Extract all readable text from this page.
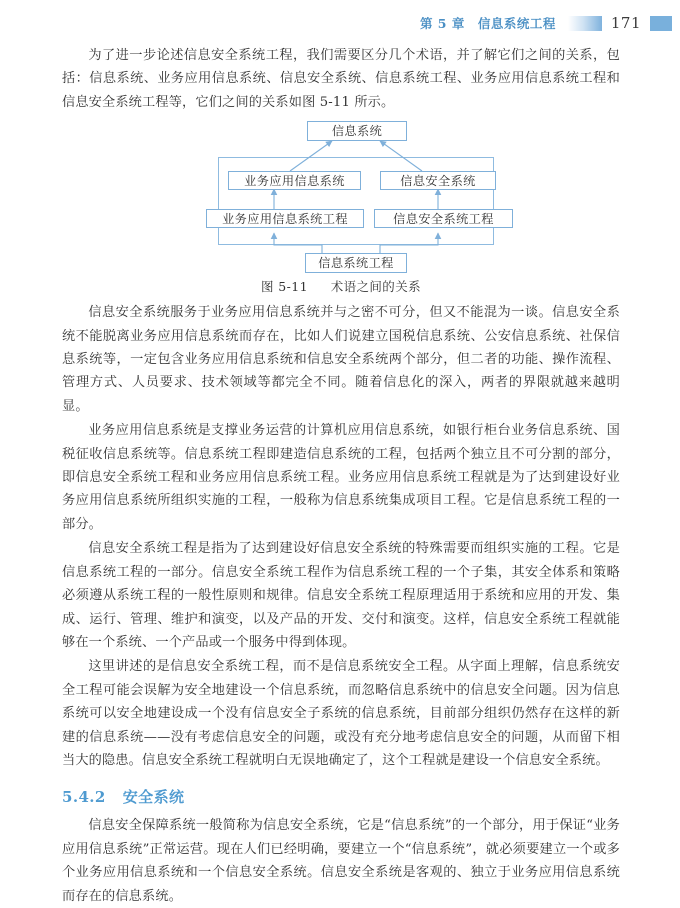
第 5 章　信息系统工程	171

为了进一步论述信息安全系统工程，我们需要区分几个术语，并了解它们之间的关系，包括：信息系统、业务应用信息系统、信息安全系统、信息系统工程、业务应用信息系统工程和信息安全系统工程等，它们之间的关系如图 5-11 所示。

信息系统
业务应用信息系统	信息安全系统
业务应用信息系统工程	信息安全系统工程
信息系统工程
图 5-11 术语之间的关系

信息安全系统服务于业务应用信息系统并与之密不可分，但又不能混为一谈。信息安全系统不能脱离业务应用信息系统而存在，比如人们说建立国税信息系统、公安信息系统、社保信息系统等，一定包含业务应用信息系统和信息安全系统两个部分，但二者的功能、操作流程、管理方式、人员要求、技术领域等都完全不同。随着信息化的深入，两者的界限就越来越明显。

业务应用信息系统是支撑业务运营的计算机应用信息系统，如银行柜台业务信息系统、国税征收信息系统等。信息系统工程即建造信息系统的工程，包括两个独立且不可分割的部分，即信息安全系统工程和业务应用信息系统工程。业务应用信息系统工程就是为了达到建设好业务应用信息系统所组织实施的工程，一般称为信息系统集成项目工程。它是信息系统工程的一部分。

信息安全系统工程是指为了达到建设好信息安全系统的特殊需要而组织实施的工程。它是信息系统工程的一部分。信息安全系统工程作为信息系统工程的一个子集，其安全体系和策略必须遵从系统工程的一般性原则和规律。信息安全系统工程原理适用于系统和应用的开发、集成、运行、管理、维护和演变，以及产品的开发、交付和演变。这样，信息安全系统工程就能够在一个系统、一个产品或一个服务中得到体现。

这里讲述的是信息安全系统工程，而不是信息系统安全工程。从字面上理解，信息系统安全工程可能会误解为安全地建设一个信息系统，而忽略信息系统中的信息安全问题。因为信息系统可以安全地建设成一个没有信息安全子系统的信息系统，目前部分组织仍然存在这样的新建的信息系统——没有考虑信息安全的问题，或没有充分地考虑信息安全的问题，从而留下相当大的隐患。信息安全系统工程就明白无误地确定了，这个工程就是建设一个信息安全系统。

5.4.2 安全系统

信息安全保障系统一般简称为信息安全系统，它是“信息系统”的一个部分，用于保证“业务应用信息系统”正常运营。现在人们已经明确，要建立一个“信息系统”，就必须要建立一个或多个业务应用信息系统和一个信息安全系统。信息安全系统是客观的、独立于业务应用信息系统而存在的信息系统。
